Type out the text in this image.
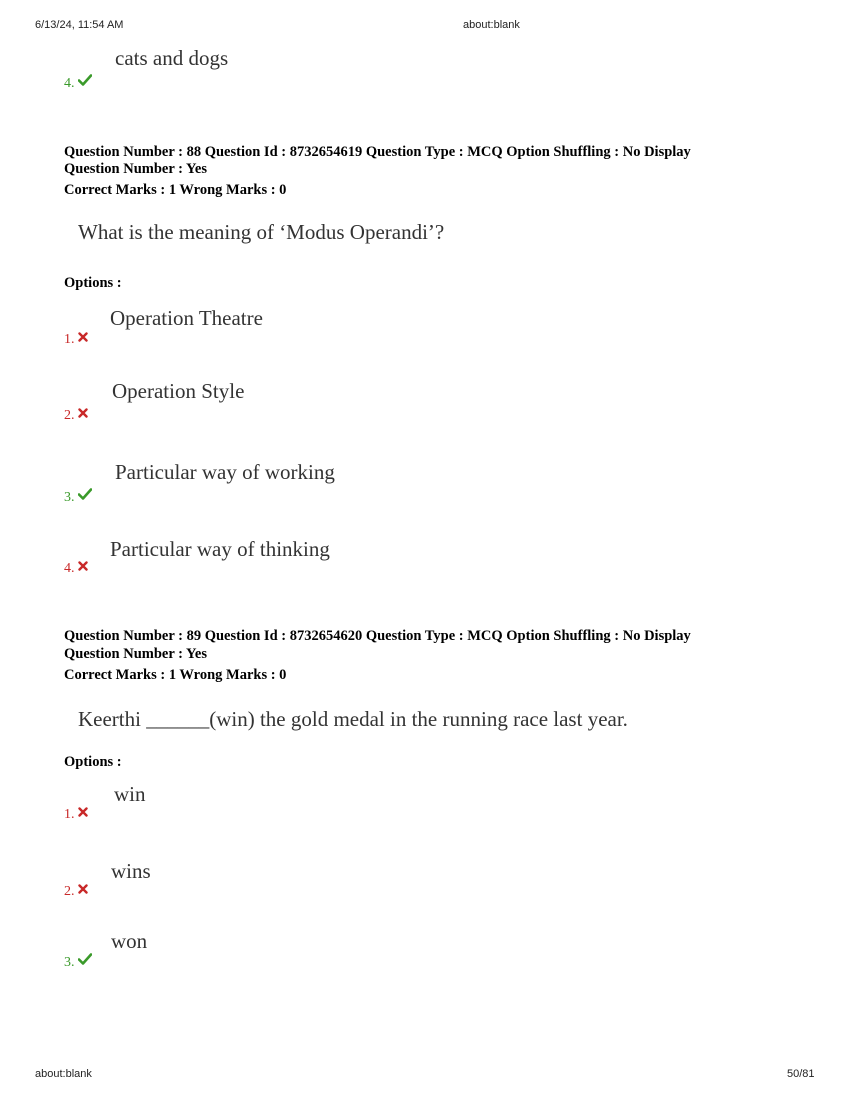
6/13/24, 11:54 AM	about:blank
cats and dogs
4.
Question Number : 88 Question Id : 8732654619 Question Type : MCQ Option Shuffling : No Display
Question Number : Yes
Correct Marks : 1 Wrong Marks : 0
What is the meaning of ‘Modus Operandi’?
Options :
Operation Theatre
1.
Operation Style
2.
Particular way of working
3.
Particular way of thinking
4.
Question Number : 89 Question Id : 8732654620 Question Type : MCQ Option Shuffling : No Display
Question Number : Yes
Correct Marks : 1 Wrong Marks : 0
Keerthi ______(win) the gold medal in the running race last year.
Options :
win
1.
wins
2.
won
3.
about:blank	50/81
